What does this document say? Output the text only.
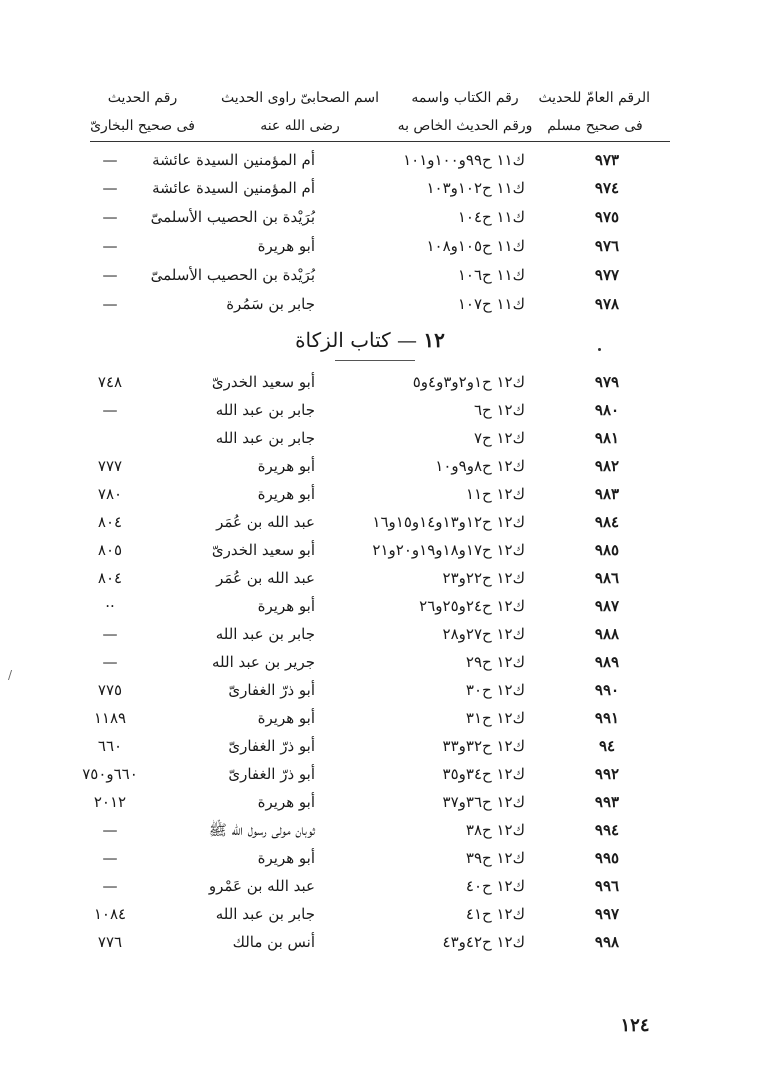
الرقم العامّ للحديث
فى صحيح مسلم
رقم الكتاب واسمه
ورقم الحديث الخاص به
اسم الصحابىّ راوى الحديث
رضى الله عنه
رقم الحديث
فى صحيح البخارىّ
٩٧٣
ك١١ ح٩٩و١٠٠و١٠١
أم المؤمنين السيدة عائشة
—
٩٧٤
ك١١ ح١٠٢و١٠٣
أم المؤمنين السيدة عائشة
—
٩٧٥
ك١١ ح١٠٤
بُرَيْدة بن الحصيب الأسلمىّ
—
٩٧٦
ك١١ ح١٠٥و١٠٨
أبو هريرة
—
٩٧٧
ك١١ ح١٠٦
بُرَيْدة بن الحصيب الأسلمىّ
—
٩٧٨
ك١١ ح١٠٧
جابر بن سَمُرة
—
١٢ — كتاب الزكاة
٩٧٩
ك١٢ ح١و٢و٣و٤و٥
أبو سعيد الخدرىّ
٧٤٨
٩٨٠
ك١٢ ح٦
جابر بن عبد الله
—
٩٨١
ك١٢ ح٧
جابر بن عبد الله
٩٨٢
ك١٢ ح٨و٩و١٠
أبو هريرة
٧٧٧
٩٨٣
ك١٢ ح١١
أبو هريرة
٧٨٠
٩٨٤
ك١٢ ح١٢و١٣و١٤و١٥و١٦
عبد الله بن عُمَر
٨٠٤
٩٨٥
ك١٢ ح١٧و١٨و١٩و٢٠و٢١
أبو سعيد الخدرىّ
٨٠٥
٩٨٦
ك١٢ ح٢٢و٢٣
عبد الله بن عُمَر
٨٠٤
٩٨٧
ك١٢ ح٢٤و٢٥و٢٦
أبو هريرة
··
٩٨٨
ك١٢ ح٢٧و٢٨
جابر بن عبد الله
—
٩٨٩
ك١٢ ح٢٩
جرير بن عبد الله
—
٩٩٠
ك١٢ ح٣٠
أبو ذرّ الغفارىّ
٧٧٥
٩٩١
ك١٢ ح٣١
أبو هريرة
١١٨٩
٩٤
ك١٢ ح٣٢و٣٣
أبو ذرّ الغفارىّ
٦٦٠
٩٩٢
ك١٢ ح٣٤و٣٥
أبو ذرّ الغفارىّ
٦٦٠و٧٥٠
٩٩٣
ك١٢ ح٣٦و٣٧
أبو هريرة
٢٠١٢
٩٩٤
ك١٢ ح٣٨
ثوبان مولى رسول الله ﷺ
—
٩٩٥
ك١٢ ح٣٩
أبو هريرة
—
٩٩٦
ك١٢ ح٤٠
عبد الله بن عَمْرو
—
٩٩٧
ك١٢ ح٤١
جابر بن عبد الله
١٠٨٤
٩٩٨
ك١٢ ح٤٢و٤٣
أنس بن مالك
٧٧٦
/
١٢٤
